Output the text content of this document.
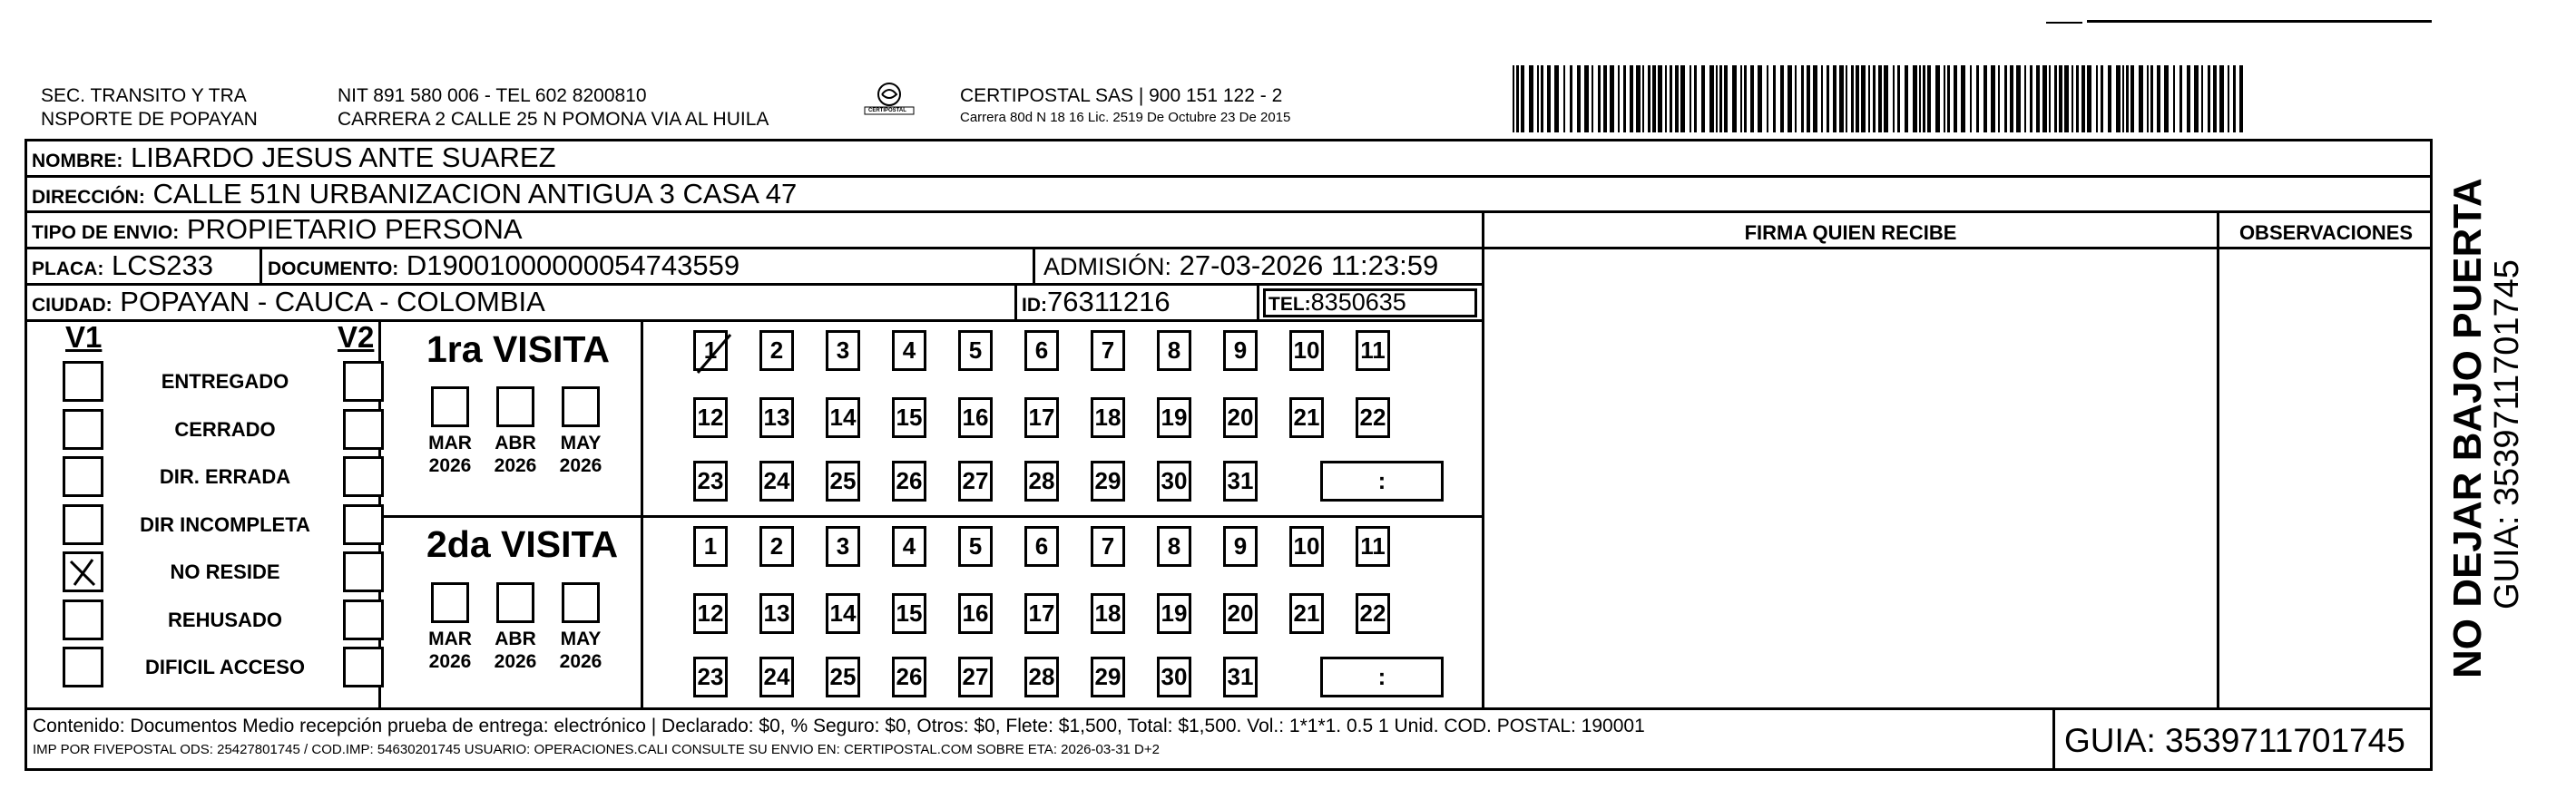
SEC. TRANSITO Y TRA
NSPORTE DE POPAYAN
NIT 891 580 006 - TEL 602 8200810
CARRERA 2 CALLE 25 N POMONA VIA AL HUILA	CERTIPOSTAL
CERTIPOSTAL SAS | 900 151 122 - 2
Carrera 80d N 18 16 Lic. 2519 De Octubre 23 De 2015
NOMBRE: LIBARDO JESUS ANTE SUAREZ
DIRECCIÓN: CALLE 51N URBANIZACION ANTIGUA 3 CASA 47
TIPO DE ENVIO: PROPIETARIO PERSONA	FIRMA QUIEN RECIBE	OBSERVACIONES
PLACA: LCS233	DOCUMENTO: D19001000000054743559	ADMISIÓN: 27-03-2026 11:23:59
CIUDAD: POPAYAN - CAUCA - COLOMBIA	ID:76311216	TEL:8350635
V1	V2
ENTREGADO
CERRADO
DIR. ERRADA
DIR INCOMPLETA
NO RESIDE
REHUSADO
DIFICIL ACCESO
1ra VISITA
2da VISITA
MAR
2026
ABR
2026
MAY
2026
1	2	3	4	5	6	7	8	9	10 11
12 13 14 15 16 17 18 19 20 21 22
23 24 25 26 27 28 29 30 31	:
MAR
2026
ABR
2026
MAY
2026
1	2	3	4	5	6	7	8	9	10 11
12 13 14 15 16 17 18 19 20 21 22
23 24 25 26 27 28 29 30 31	:
Contenido: Documentos Medio recepción prueba de entrega: electrónico | Declarado: $0, % Seguro: $0, Otros: $0, Flete: $1,500, Total: $1,500. Vol.: 1*1*1. 0.5 1 Unid. COD. POSTAL: 190001
IMP POR FIVEPOSTAL ODS: 25427801745 / COD.IMP: 54630201745 USUARIO: OPERACIONES.CALI CONSULTE SU ENVIO EN: CERTIPOSTAL.COM SOBRE ETA: 2026-03-31 D+2	GUIA: 3539711701745
NO DEJAR BAJO PUERTA
GUIA: 3539711701745
